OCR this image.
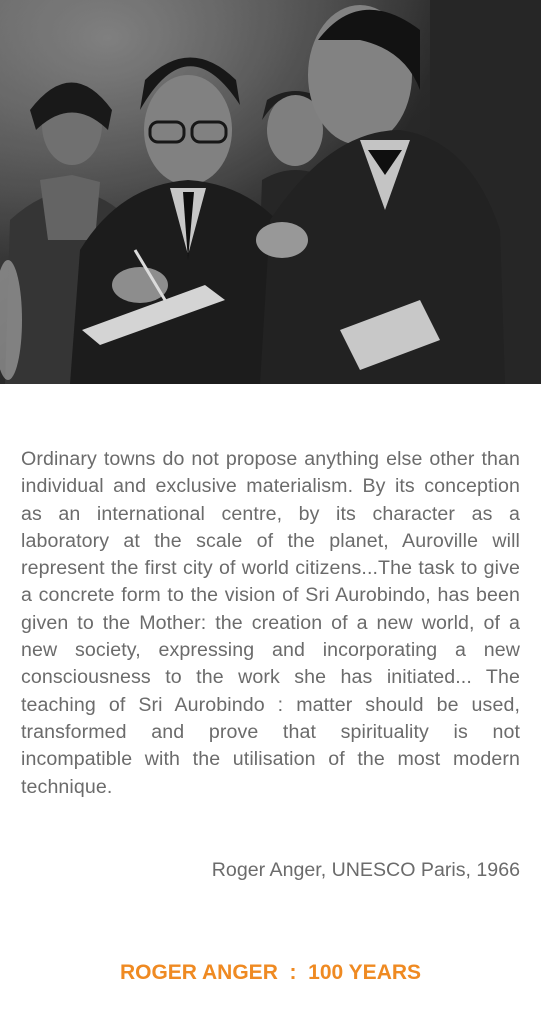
Ordinary towns do not propose anything else other than individual and exclusive materialism. By its conception as an international centre, by its character as a laboratory at the scale of the planet, Auroville will represent the first city of world citizens...The task to give a concrete form to the vision of Sri Aurobindo, has been given to the Mother: the creation of a new world, of a new society, expressing and incorporating a new consciousness to the work she has initiated... The teaching of Sri Aurobindo : matter should be used, transformed and prove that spirituality is not incompatible with the utilisation of the most modern technique.

Roger Anger, UNESCO Paris, 1966
ROGER ANGER  :  100 YEARS
